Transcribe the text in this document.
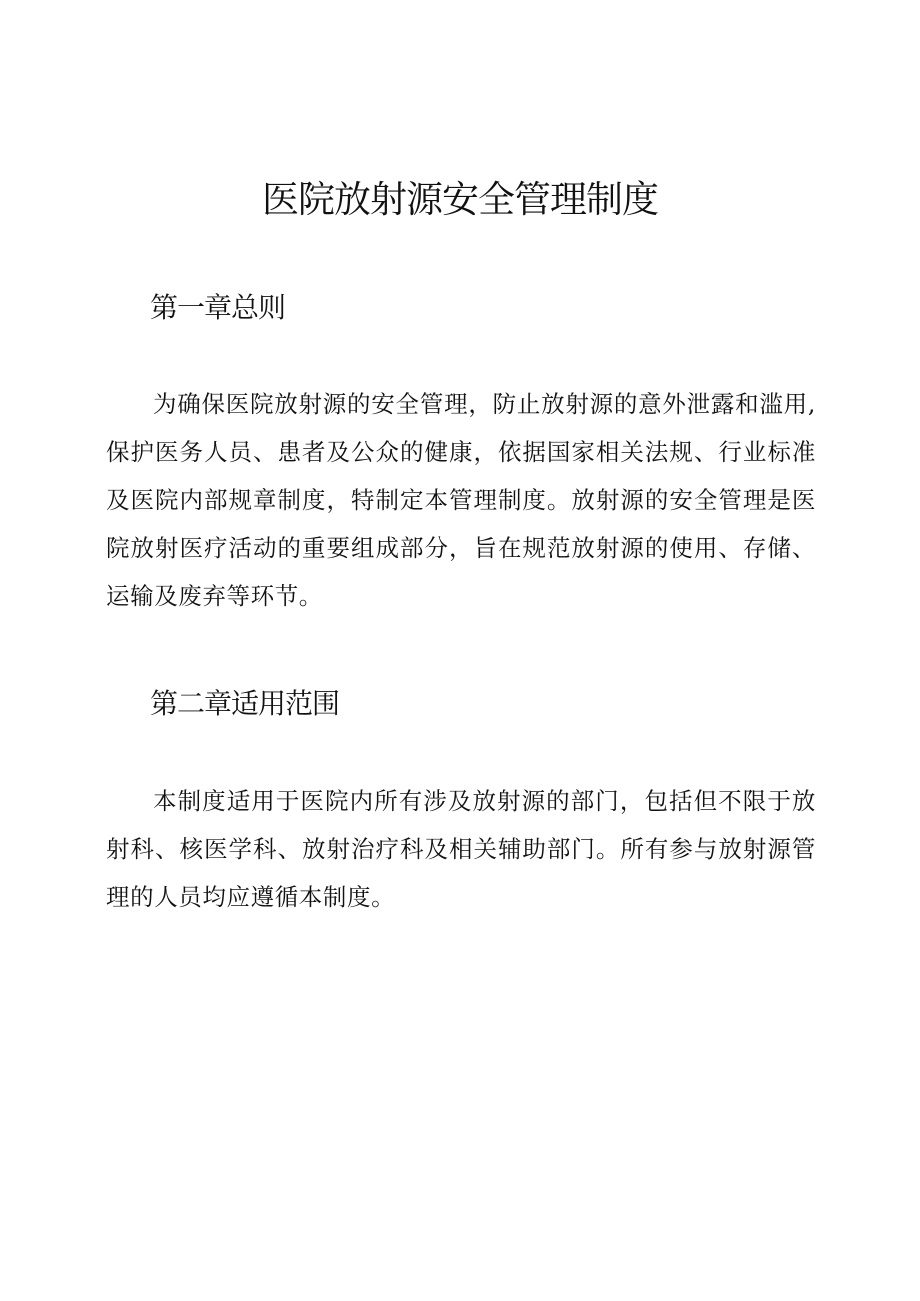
医院放射源安全管理制度
第一章总则

为确保医院放射源的安全管理，防止放射源的意外泄露和滥用,保护医务人员、患者及公众的健康，依据国家相关法规、行业标准及医院内部规章制度，特制定本管理制度。放射源的安全管理是医院放射医疗活动的重要组成部分，旨在规范放射源的使用、存储、运输及废弃等环节。

第二章适用范围

本制度适用于医院内所有涉及放射源的部门，包括但不限于放射科、核医学科、放射治疗科及相关辅助部门。所有参与放射源管理的人员均应遵循本制度。
